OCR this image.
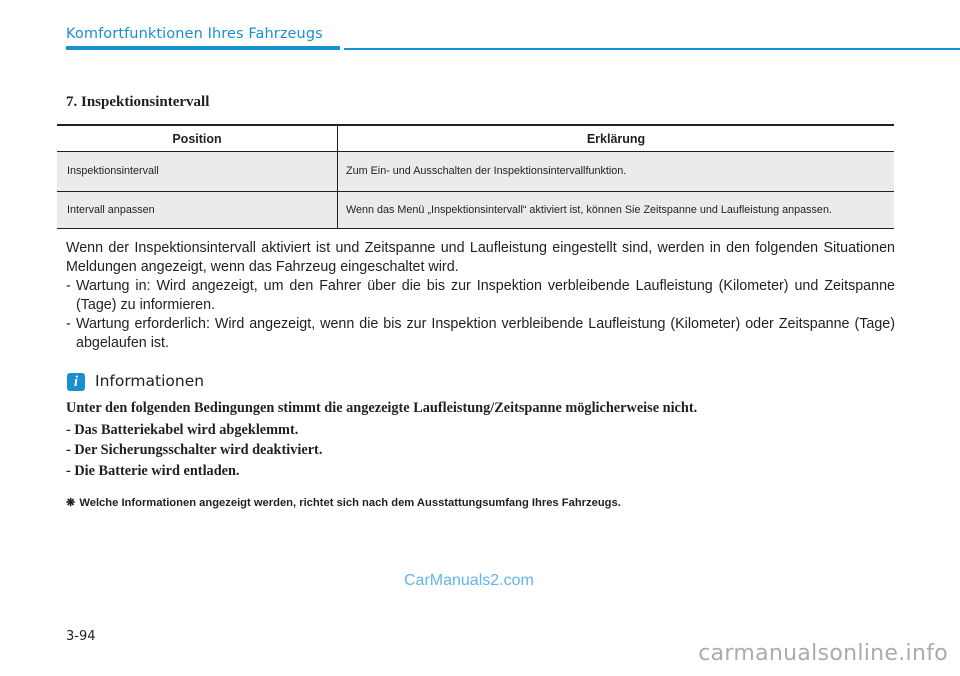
Komfortfunktionen Ihres Fahrzeugs
7. Inspektionsintervall
Position	Erklärung
Inspektionsintervall	Zum Ein- und Ausschalten der Inspektionsintervallfunktion.
Intervall anpassen	Wenn das Menü „Inspektionsintervall“ aktiviert ist, können Sie Zeitspanne und Laufleistung anpassen.
Wenn der Inspektionsintervall aktiviert ist und Zeitspanne und Laufleistung eingestellt sind, werden in den folgenden Situationen Meldungen angezeigt, wenn das Fahrzeug eingeschaltet wird.
- Wartung in: Wird angezeigt, um den Fahrer über die bis zur Inspektion verbleibende Laufleistung (Kilometer) und Zeitspanne (Tage) zu informieren.
- Wartung erforderlich: Wird angezeigt, wenn die bis zur Inspektion verbleibende Laufleistung (Kilometer) oder Zeitspanne (Tage) abgelaufen ist.
i	Informationen
Unter den folgenden Bedingungen stimmt die angezeigte Laufleistung/Zeitspanne möglicherweise nicht.
- Das Batteriekabel wird abgeklemmt.
- Der Sicherungsschalter wird deaktiviert.
- Die Batterie wird entladen.
❋ Welche Informationen angezeigt werden, richtet sich nach dem Ausstattungsumfang Ihres Fahrzeugs.
CarManuals2.com
3-94
carmanualsonline.info
